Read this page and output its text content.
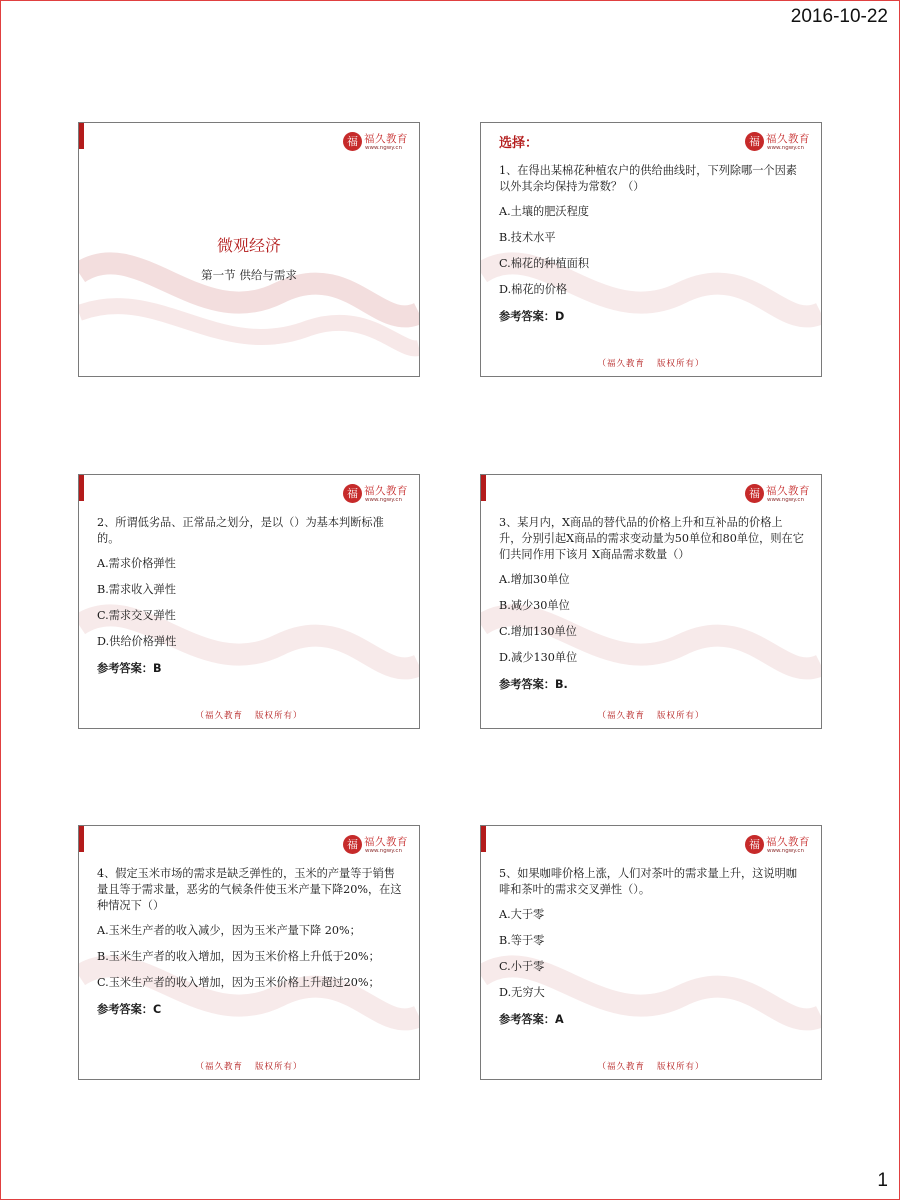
2016-10-22
福 福久教育
www.ngwy.cn
微观经济
第一节 供给与需求
选择：	福 福久教育
www.ngwy.cn

1、在得出某棉花种植农户的供给曲线时，下列除哪一个因素以外其余均保持为常数？（）

A.土壤的肥沃程度

B.技术水平

C.棉花的种植面积

D.棉花的价格

参考答案：D

（福久教育 版权所有）
福 福久教育
www.ngwy.cn

2、所谓低劣品、正常品之划分，是以（）为基本判断标准的。

A.需求价格弹性

B.需求收入弹性

C.需求交叉弹性

D.供给价格弹性

参考答案：B

（福久教育 版权所有）
福 福久教育
www.ngwy.cn

3、某月内，X商品的替代品的价格上升和互补品的价格上升，分别引起X商品的需求变动量为50单位和80单位，则在它们共同作用下该月 X商品需求数量（）

A.增加30单位

B.减少30单位

C.增加130单位

D.减少130单位

参考答案：B.

（福久教育 版权所有）
福 福久教育
www.ngwy.cn

4、假定玉米市场的需求是缺乏弹性的，玉米的产量等于销售量且等于需求量，恶劣的气候条件使玉米产量下降20%，在这种情况下（）

A.玉米生产者的收入减少，因为玉米产量下降 20%；

B.玉米生产者的收入增加，因为玉米价格上升低于20%；

C.玉米生产者的收入增加，因为玉米价格上升超过20%；

参考答案：C

（福久教育 版权所有）
福 福久教育
www.ngwy.cn

5、如果咖啡价格上涨，人们对茶叶的需求量上升，这说明咖啡和茶叶的需求交叉弹性（）。

A.大于零

B.等于零

C.小于零

D.无穷大

参考答案：A

（福久教育 版权所有）
1
